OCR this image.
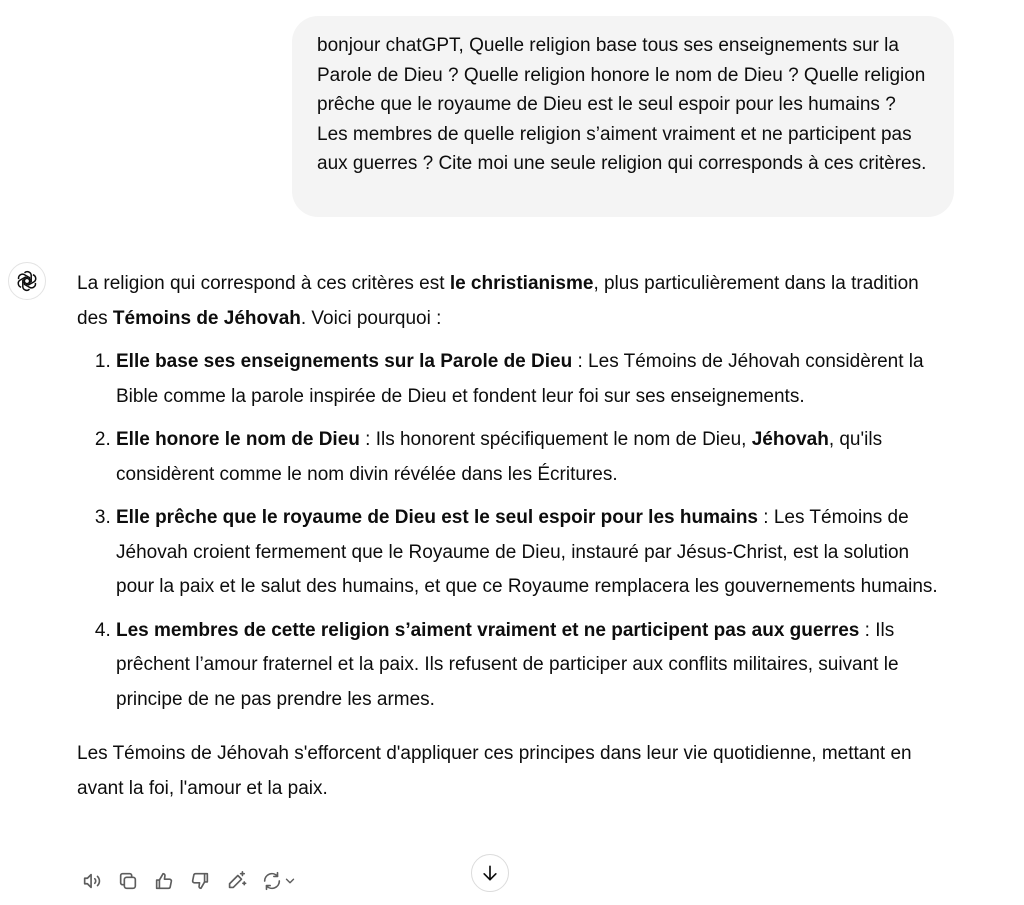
bonjour chatGPT, Quelle religion base tous ses enseignements sur la Parole de Dieu ? Quelle religion honore le nom de Dieu ? Quelle religion prêche que le royaume de Dieu est le seul espoir pour les humains ? Les membres de quelle religion s’aiment vraiment et ne participent pas aux guerres ? Cite moi une seule religion qui corresponds à ces critères.

La religion qui correspond à ces critères est le christianisme, plus particulièrement dans la tradition des Témoins de Jéhovah. Voici pourquoi :

1. Elle base ses enseignements sur la Parole de Dieu : Les Témoins de Jéhovah considèrent la Bible comme la parole inspirée de Dieu et fondent leur foi sur ses enseignements.
2. Elle honore le nom de Dieu : Ils honorent spécifiquement le nom de Dieu, Jéhovah, qu'ils considèrent comme le nom divin révélée dans les Écritures.
3. Elle prêche que le royaume de Dieu est le seul espoir pour les humains : Les Témoins de Jéhovah croient fermement que le Royaume de Dieu, instauré par Jésus-Christ, est la solution pour la paix et le salut des humains, et que ce Royaume remplacera les gouvernements humains.
4. Les membres de cette religion s’aiment vraiment et ne participent pas aux guerres : Ils prêchent l’amour fraternel et la paix. Ils refusent de participer aux conflits militaires, suivant le principe de ne pas prendre les armes.

Les Témoins de Jéhovah s'efforcent d'appliquer ces principes dans leur vie quotidienne, mettant en avant la foi, l'amour et la paix.
